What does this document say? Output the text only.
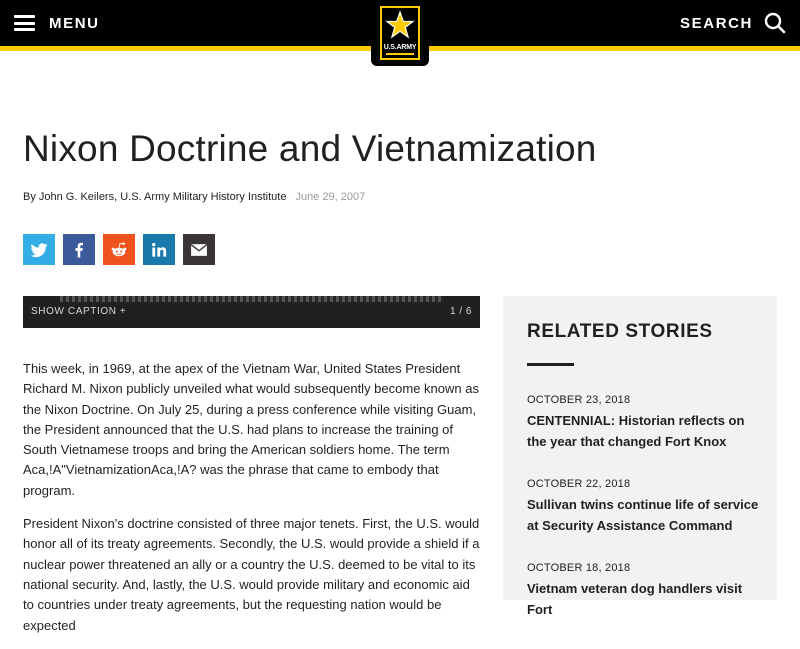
MENU
U.S.ARMY
SEARCH
Nixon Doctrine and Vietnamization
By John G. Keilers, U.S. Army Military History Institute June 29, 2007
SHOW CAPTION +	1 / 6

This week, in 1969, at the apex of the Vietnam War, United States President Richard M. Nixon publicly unveiled what would subsequently become known as the Nixon Doctrine. On July 25, during a press conference while visiting Guam, the President announced that the U.S. had plans to increase the training of South Vietnamese troops and bring the American soldiers home. The term Aca,!A"VietnamizationAca,!A? was the phrase that came to embody that program.

President Nixon's doctrine consisted of three major tenets. First, the U.S. would honor all of its treaty agreements. Secondly, the U.S. would provide a shield if a nuclear power threatened an ally or a country the U.S. deemed to be vital to its national security. And, lastly, the U.S. would provide military and economic aid to countries under treaty agreements, but the requesting nation would be expected

RELATED STORIES
OCTOBER 23, 2018
CENTENNIAL: Historian reflects on the year that changed Fort Knox
OCTOBER 22, 2018
Sullivan twins continue life of service at Security Assistance Command
OCTOBER 18, 2018
Vietnam veteran dog handlers visit Fort
